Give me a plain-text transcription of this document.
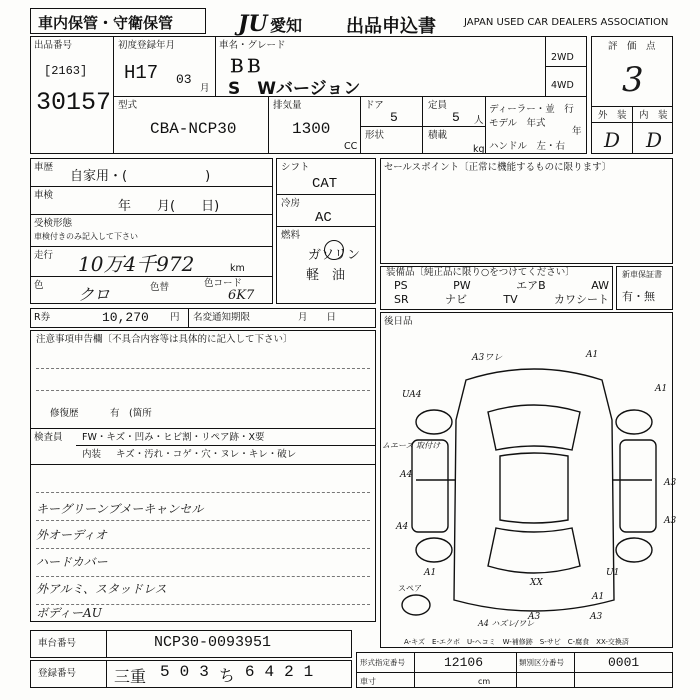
車内保管・守衛保管	JU 愛知 出品申込書	JAPAN USED CAR DEALERS ASSOCIATION
出品番号
[2163]
30157
初度登録年月
H17 03
月
車名・グレード
ＢＢ
S　Wバージョン
2WD
4WD
評　価　点
3
外　装 内　装
D D
型式
CBA-NCP30
排気量
1300
CC
ドア
5
定員
5 人
形状	積載
kg
ディーラー・並　行
モデル　年式
年
ハンドル　左・右
車歴
自家用・(　　　　　　)
車検
年　　月(　　日)
受検形態
車検付きのみ記入して下さい
走行 10万4千972	km
色 クロ	色替	色コード
6K7
シフト
CAT
冷房
AC
燃料
ガソリン
軽　油
セールスポイント〔正常に機能するものに限ります〕
装備品〔純正品に限り○をつけてください〕
PS	PW	エアB	AW
SR	ナビ	TV	カワシート
新車保証書
有・無
R券	10,270 円 名変通知期限	月　　日
注意事項申告欄〔不具合内容等は具体的に記入して下さい〕
修復歴	有　(箇所
検査員 FW・キズ・凹み・ヒビ割・リペア跡・X要
内装 キズ・汚れ・コゲ・穴・ヌレ・キレ・破レ
キーグリーンブメーキャンセル
外オーディオ
ハードカバー
外アルミ、スタッドレス
ボディーAU
後日品
A3ワレ	A1
A1
UA4
ムエーズ 取付け
A4
A4
A3
A3
A1
A1
U1
A4 ハズレ/ワレ
A3	A3
XX
スペア
A-キズ　E-エクボ　U-ヘコミ　W-補修跡　S-サビ　C-腐食　XX-交換済
車台番号	NCP30-0093951
登録番号 三重 5 0 3 ち 6 4 2 1
形式指定番号	12106	類別区分番号	0001
車寸	cm
